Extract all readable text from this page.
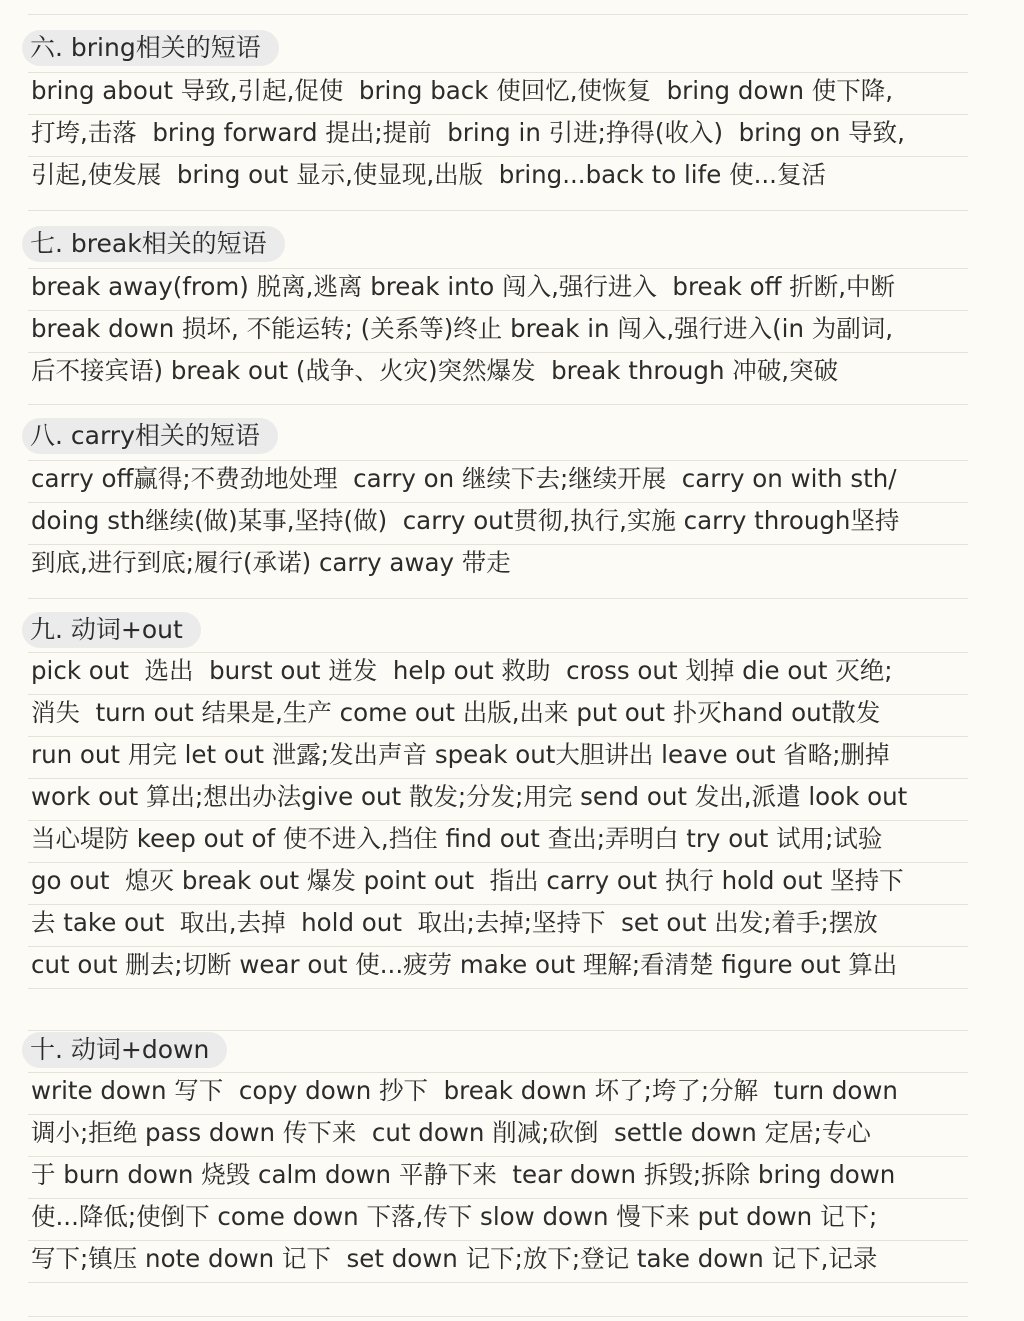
六. bring相关的短语
bring about 导致,引起,促使  bring back 使回忆,使恢复  bring down 使下降,
打垮,击落  bring forward 提出;提前  bring in 引进;挣得(收入)  bring on 导致,
引起,使发展  bring out 显示,使显现,出版  bring...back to life 使...复活
七. break相关的短语
break away(from) 脱离,逃离 break into 闯入,强行进入  break off 折断,中断
break down 损坏, 不能运转; (关系等)终止 break in 闯入,强行进入(in 为副词,
后不接宾语) break out (战争、火灾)突然爆发  break through 冲破,突破
八. carry相关的短语
carry off赢得;不费劲地处理  carry on 继续下去;继续开展  carry on with sth/
doing sth继续(做)某事,坚持(做)  carry out贯彻,执行,实施 carry through坚持
到底,进行到底;履行(承诺) carry away 带走
九. 动词+out
pick out  选出  burst out 迸发  help out 救助  cross out 划掉 die out 灭绝;
消失  turn out 结果是,生产 come out 出版,出来 put out 扑灭hand out散发
run out 用完 let out 泄露;发出声音 speak out大胆讲出 leave out 省略;删掉
work out 算出;想出办法give out 散发;分发;用完 send out 发出,派遣 look out
当心堤防 keep out of 使不进入,挡住 find out 查出;弄明白 try out 试用;试验
go out  熄灭 break out 爆发 point out  指出 carry out 执行 hold out 坚持下
去 take out  取出,去掉  hold out  取出;去掉;坚持下  set out 出发;着手;摆放
cut out 删去;切断 wear out 使...疲劳 make out 理解;看清楚 figure out 算出
十. 动词+down
write down 写下  copy down 抄下  break down 坏了;垮了;分解  turn down
调小;拒绝 pass down 传下来  cut down 削减;砍倒  settle down 定居;专心
于 burn down 烧毁 calm down 平静下来  tear down 拆毁;拆除 bring down
使...降低;使倒下 come down 下落,传下 slow down 慢下来 put down 记下;
写下;镇压 note down 记下  set down 记下;放下;登记 take down 记下,记录
